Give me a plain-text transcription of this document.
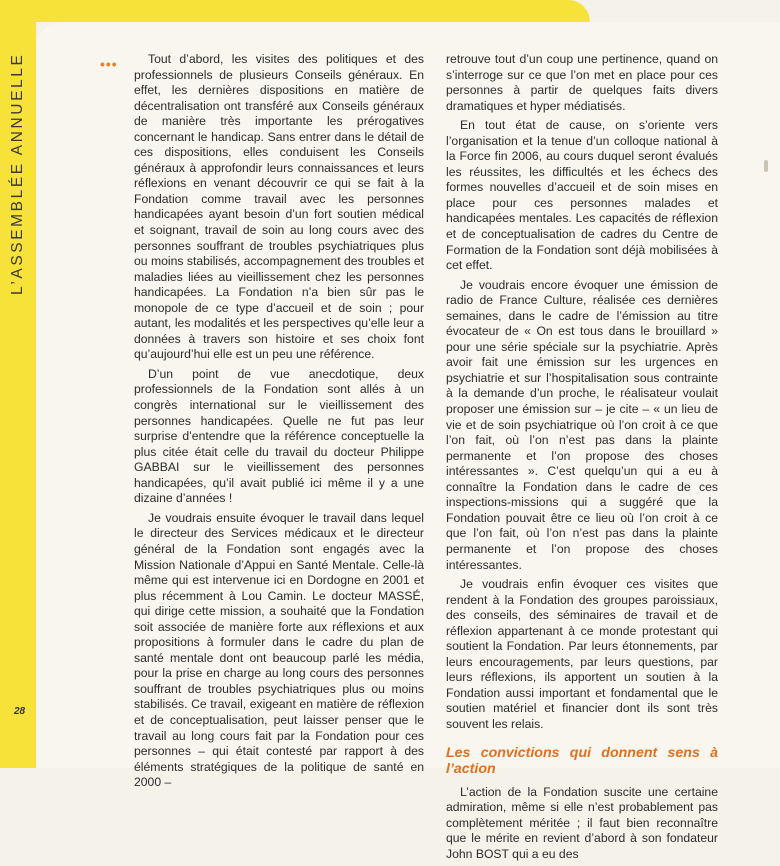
L’ASSEMBLÉE ANNUELLE	•••	Tout d’abord, les visites des politiques et des professionnels de plusieurs Conseils généraux. En effet, les dernières dispositions en matière de décentralisation ont transféré aux Conseils généraux de manière très importante les prérogatives concernant le handicap. Sans entrer dans le détail de ces dispositions, elles conduisent les Conseils généraux à approfondir leurs connaissances et leurs réflexions en venant découvrir ce qui se fait à la Fondation comme travail avec les personnes handicapées ayant besoin d’un fort soutien médical et soignant, travail de soin au long cours avec des personnes souffrant de troubles psychiatriques plus ou moins stabilisés, accompagnement des troubles et maladies liées au vieillissement chez les personnes handicapées. La Fondation n’a bien sûr pas le monopole de ce type d’accueil et de soin ; pour autant, les modalités et les perspectives qu’elle leur a données à travers son histoire et ses choix font qu’aujourd’hui elle est un peu une référence.

D’un point de vue anecdotique, deux professionnels de la Fondation sont allés à un congrès international sur le vieillissement des personnes handicapées. Quelle ne fut pas leur surprise d’entendre que la référence conceptuelle la plus citée était celle du travail du docteur Philippe GABBAI sur le vieillissement des personnes handicapées, qu’il avait publié ici même il y a une dizaine d’années !

Je voudrais ensuite évoquer le travail dans lequel le directeur des Services médicaux et le directeur général de la Fondation sont engagés avec la Mission Nationale d’Appui en Santé Mentale. Celle-là même qui est intervenue ici en Dordogne en 2001 et plus récemment à Lou Camin. Le docteur MASSÉ, qui dirige cette mission, a souhaité que la Fondation soit associée de manière forte aux réflexions et aux propositions à formuler dans le cadre du plan de santé mentale dont ont beaucoup parlé les média, pour la prise en charge au long cours des personnes souffrant de troubles psychiatriques plus ou moins stabilisés. Ce travail, exigeant en matière de réflexion et de conceptualisation, peut laisser penser que le travail au long cours fait par la Fondation pour ces personnes – qui était contesté par rapport à des éléments stratégiques de la politique de santé en 2000 –

retrouve tout d’un coup une pertinence, quand on s’interroge sur ce que l’on met en place pour ces personnes à partir de quelques faits divers dramatiques et hyper médiatisés.

En tout état de cause, on s’oriente vers l’organisation et la tenue d’un colloque national à la Force fin 2006, au cours duquel seront évalués les réussites, les difficultés et les échecs des formes nouvelles d’accueil et de soin mises en place pour ces personnes malades et handicapées mentales. Les capacités de réflexion et de conceptualisation de cadres du Centre de Formation de la Fondation sont déjà mobilisées à cet effet.

Je voudrais encore évoquer une émission de radio de France Culture, réalisée ces dernières semaines, dans le cadre de l’émission au titre évocateur de « On est tous dans le brouillard » pour une série spéciale sur la psychiatrie. Après avoir fait une émission sur les urgences en psychiatrie et sur l’hospitalisation sous contrainte à la demande d’un proche, le réalisateur voulait proposer une émission sur – je cite – « un lieu de vie et de soin psychiatrique où l’on croit à ce que l’on fait, où l’on n’est pas dans la plainte permanente et l’on propose des choses intéressantes ». C’est quelqu’un qui a eu à connaître la Fondation dans le cadre de ces inspections-missions qui a suggéré que la Fondation pouvait être ce lieu où l’on croit à ce que l’on fait, où l’on n’est pas dans la plainte permanente et l’on propose des choses intéressantes.

Je voudrais enfin évoquer ces visites que rendent à la Fondation des groupes paroissiaux, des conseils, des séminaires de travail et de réflexion appartenant à ce monde protestant qui soutient la Fondation. Par leurs étonnements, par leurs encouragements, par leurs questions, par leurs réflexions, ils apportent un soutien à la Fondation aussi important et fondamental que le soutien matériel et financier dont ils sont très souvent les relais.

Les convictions qui donnent sens à l’action

L’action de la Fondation suscite une certaine admiration, même si elle n’est probablement pas complètement méritée ; il faut bien reconnaître que le mérite en revient d’abord à son fondateur John BOST qui a eu des

28
